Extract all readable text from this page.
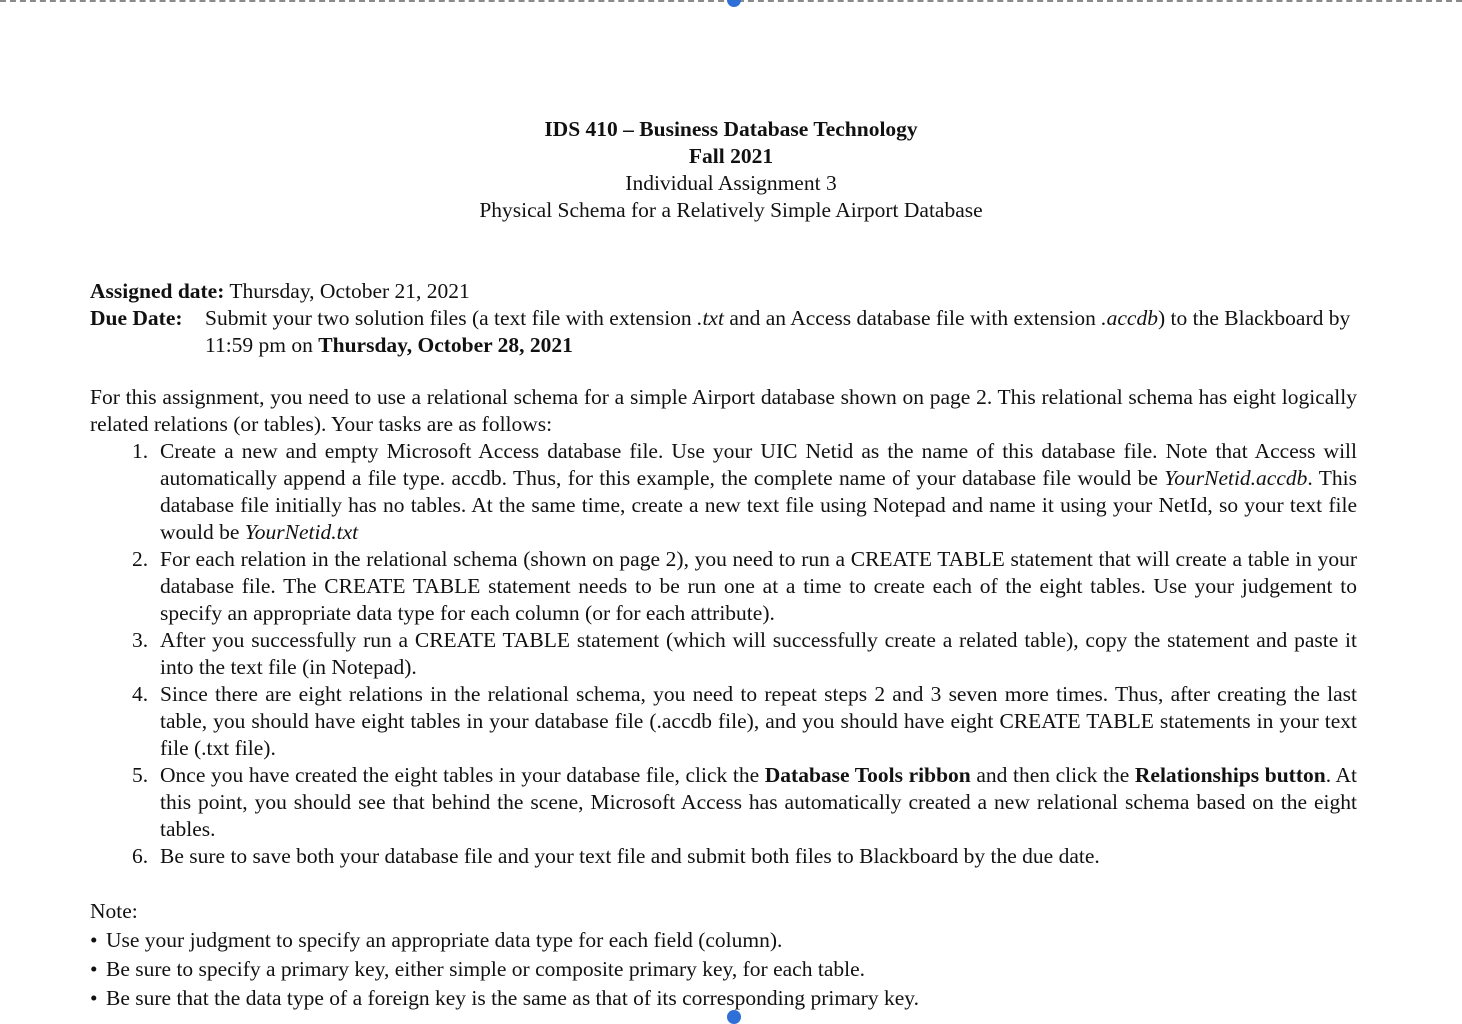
IDS 410 – Business Database Technology
Fall 2021
Individual Assignment 3
Physical Schema for a Relatively Simple Airport Database
Assigned date: Thursday, October 21, 2021
Due Date:	Submit your two solution files (a text file with extension .txt and an Access database file with extension .accdb) to the Blackboard by 11:59 pm on Thursday, October 28, 2021
For this assignment, you need to use a relational schema for a simple Airport database shown on page 2. This relational schema has eight logically related relations (or tables). Your tasks are as follows:
1. Create a new and empty Microsoft Access database file. Use your UIC Netid as the name of this database file. Note that Access will automatically append a file type. accdb. Thus, for this example, the complete name of your database file would be YourNetid.accdb. This database file initially has no tables. At the same time, create a new text file using Notepad and name it using your NetId, so your text file would be YourNetid.txt
2. For each relation in the relational schema (shown on page 2), you need to run a CREATE TABLE statement that will create a table in your database file. The CREATE TABLE statement needs to be run one at a time to create each of the eight tables. Use your judgement to specify an appropriate data type for each column (or for each attribute).
3. After you successfully run a CREATE TABLE statement (which will successfully create a related table), copy the statement and paste it into the text file (in Notepad).
4. Since there are eight relations in the relational schema, you need to repeat steps 2 and 3 seven more times. Thus, after creating the last table, you should have eight tables in your database file (.accdb file), and you should have eight CREATE TABLE statements in your text file (.txt file).
5. Once you have created the eight tables in your database file, click the Database Tools ribbon and then click the Relationships button. At this point, you should see that behind the scene, Microsoft Access has automatically created a new relational schema based on the eight tables.
6. Be sure to save both your database file and your text file and submit both files to Blackboard by the due date.
Note:
• Use your judgment to specify an appropriate data type for each field (column).
• Be sure to specify a primary key, either simple or composite primary key, for each table.
• Be sure that the data type of a foreign key is the same as that of its corresponding primary key.
